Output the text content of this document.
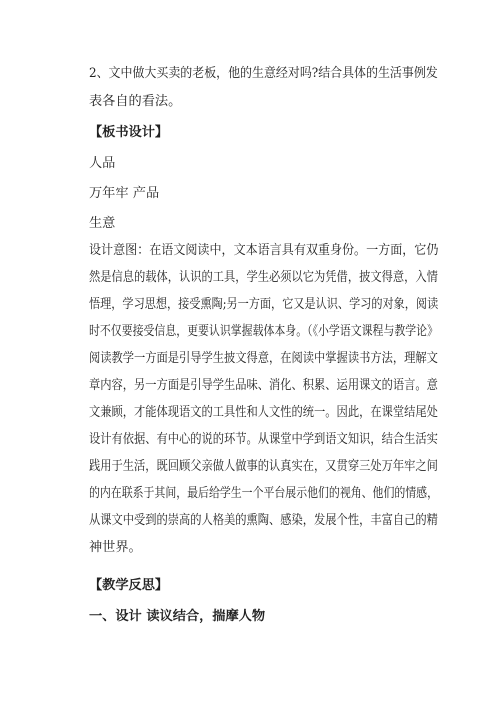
2、文中做大买卖的老板，他的生意经对吗?结合具体的生活事例发
表各自的看法。
【板书设计】
人品
万年牢 产品
生意
设计意图：在语文阅读中，文本语言具有双重身份。一方面，它仍
然是信息的载体，认识的工具，学生必须以它为凭借，披文得意，入情
悟理，学习思想，接受熏陶;另一方面，它又是认识、学习的对象，阅读
时不仅要接受信息，更要认识掌握载体本身。（《小学语文课程与教学论》
阅读教学一方面是引导学生披文得意，在阅读中掌握读书方法，理解文
章内容，另一方面是引导学生品味、消化、积累、运用课文的语言。意
文兼顾，才能体现语文的工具性和人文性的统一。因此，在课堂结尾处
设计有依据、有中心的说的环节。从课堂中学到语文知识，结合生活实
践用于生活，既回顾父亲做人做事的认真实在，又贯穿三处万年牢之间
的内在联系于其间，最后给学生一个平台展示他们的视角、他们的情感，
从课文中受到的崇高的人格美的熏陶、感染，发展个性，丰富自己的精
神世界。
【教学反思】
一、设计 读议结合，揣摩人物
